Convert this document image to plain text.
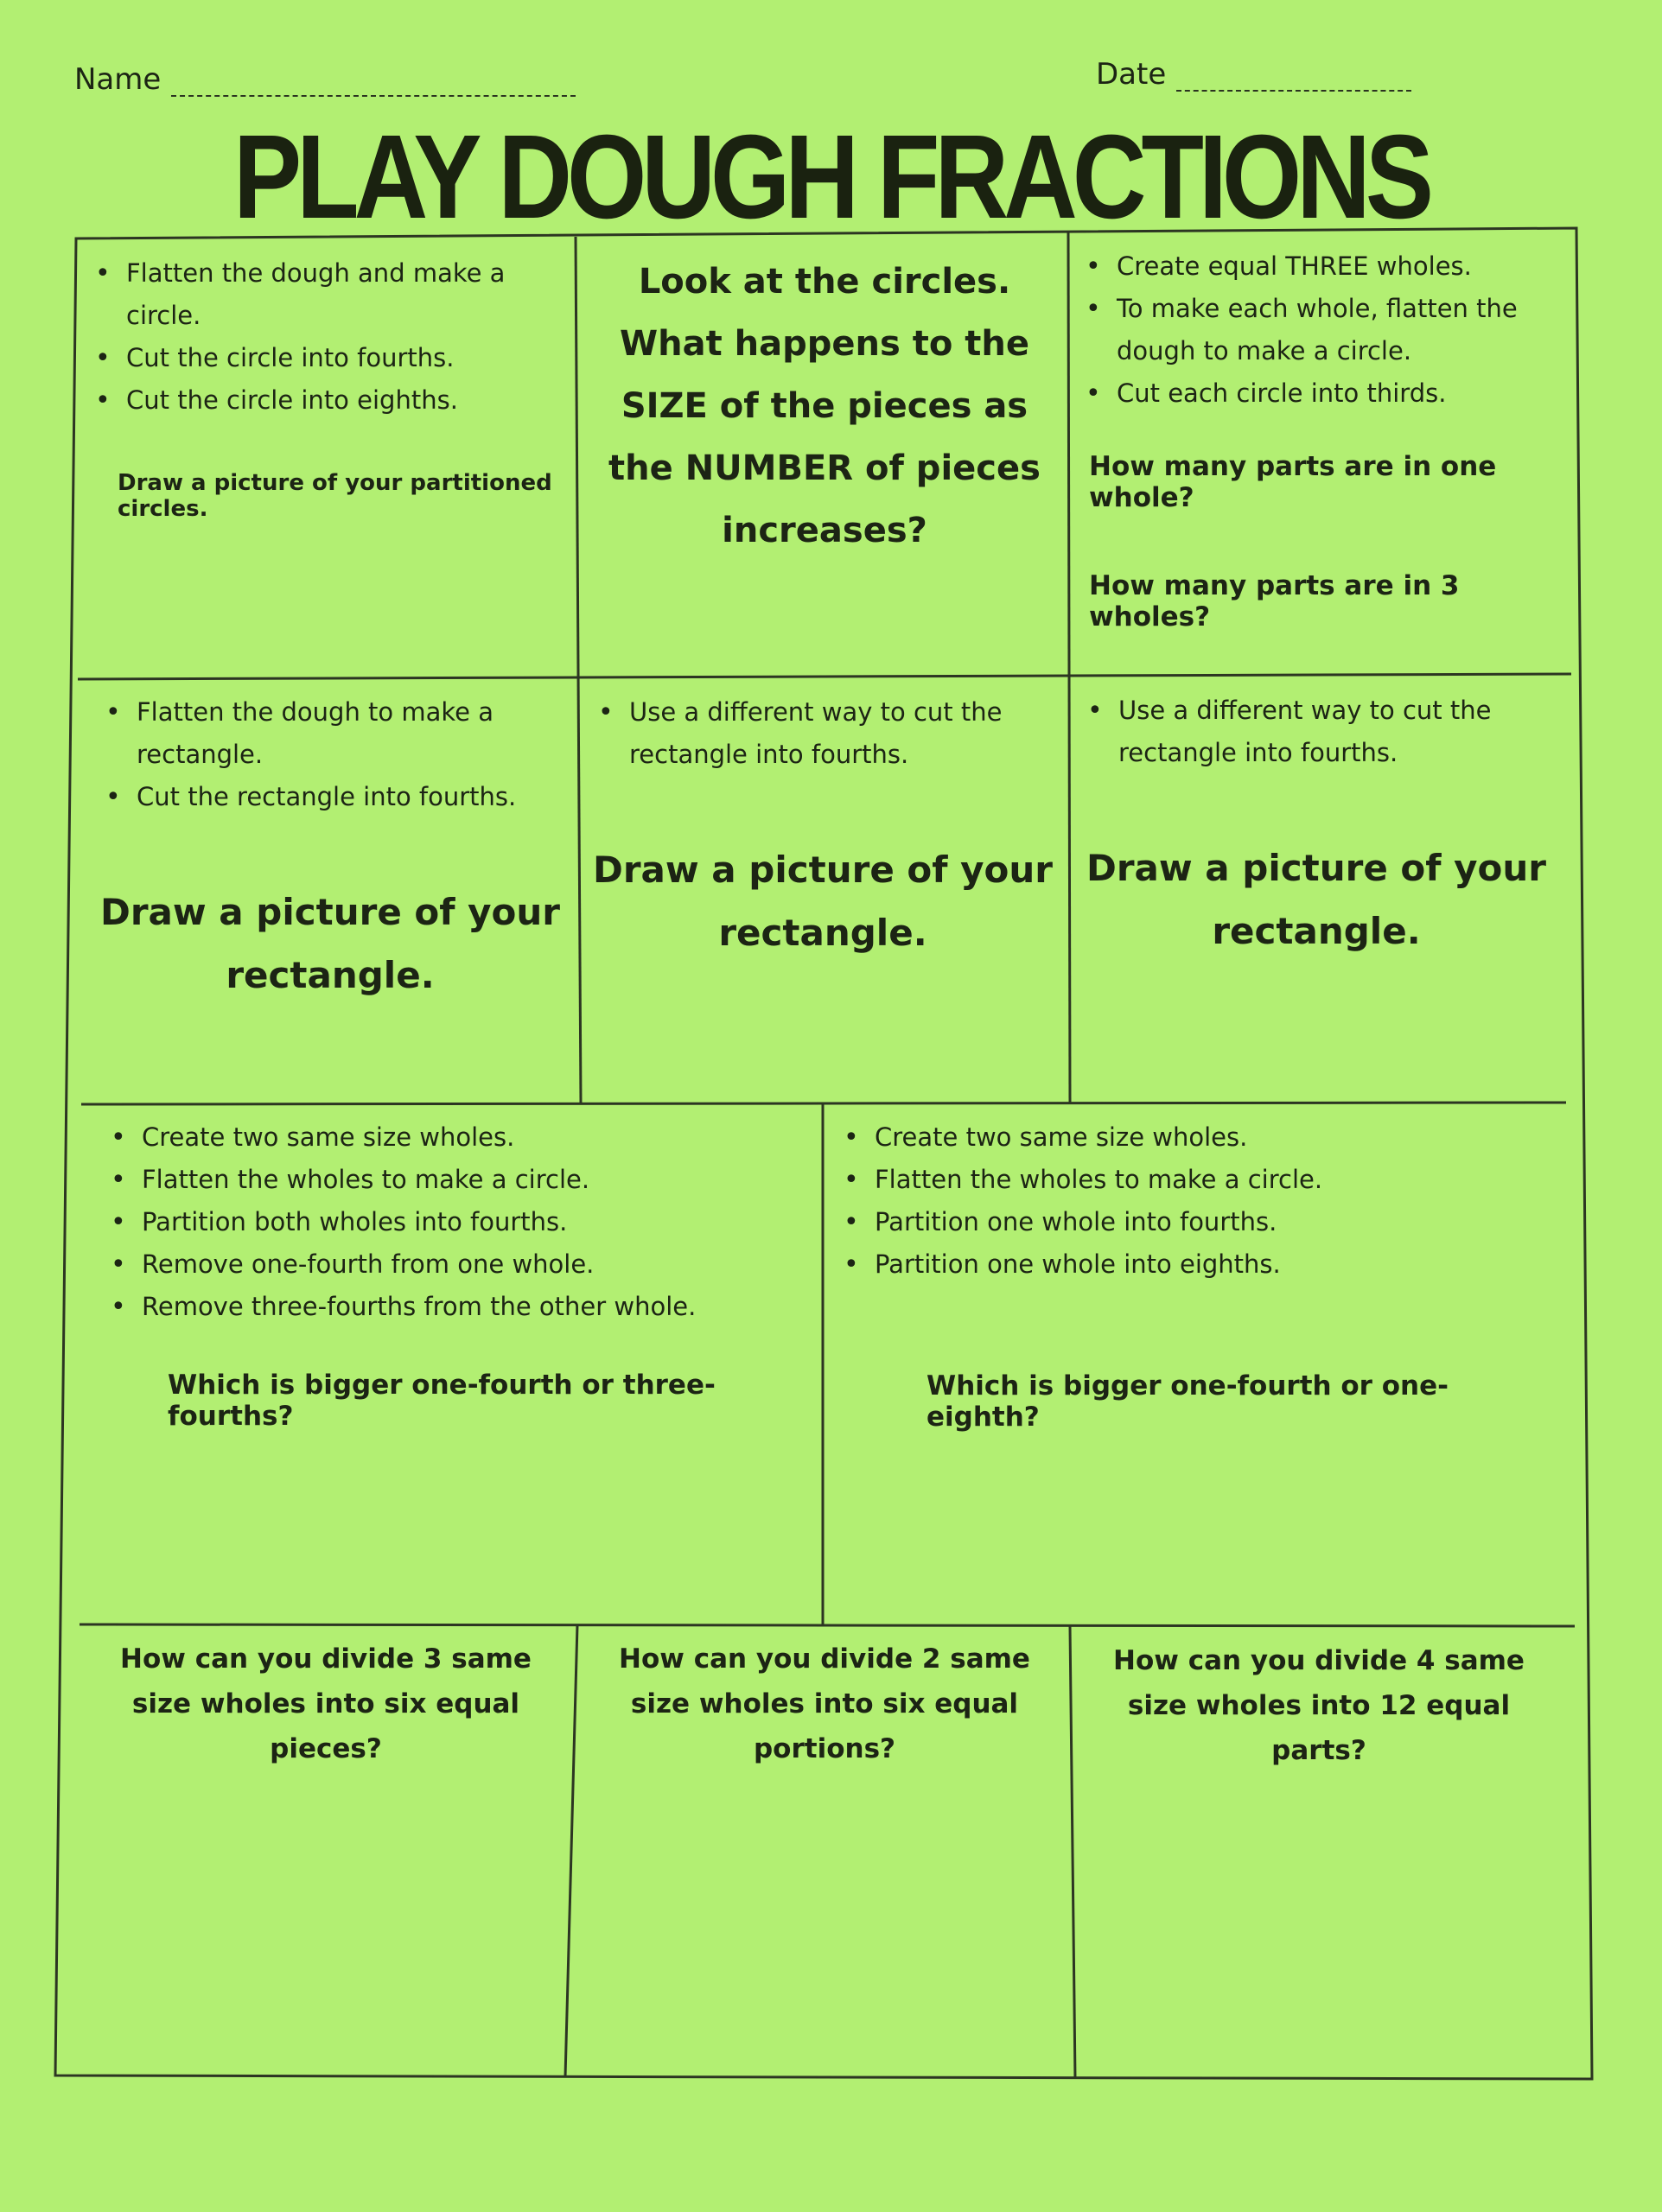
Name	Date
PLAY DOUGH FRACTIONS
• Flatten the dough and make a circle.
• Cut the circle into fourths.
• Cut the circle into eighths.
Draw a picture of your partitioned circles.
Look at the circles. What happens to the SIZE of the pieces as the NUMBER of pieces increases?
• Create equal THREE wholes.
• To make each whole, flatten the dough to make a circle.
• Cut each circle into thirds.
How many parts are in one whole?
How many parts are in 3 wholes?
• Flatten the dough to make a rectangle.
• Cut the rectangle into fourths.
Draw a picture of your rectangle.
• Use a different way to cut the rectangle into fourths.
Draw a picture of your rectangle.
• Use a different way to cut the rectangle into fourths.
Draw a picture of your rectangle.
• Create two same size wholes.
• Flatten the wholes to make a circle.
• Partition both wholes into fourths.
• Remove one-fourth from one whole.
• Remove three-fourths from the other whole.
Which is bigger one-fourth or three-fourths?
• Create two same size wholes.
• Flatten the wholes to make a circle.
• Partition one whole into fourths.
• Partition one whole into eighths.
Which is bigger one-fourth or one-eighth?
How can you divide 3 same size wholes into six equal pieces?
How can you divide 2 same size wholes into six equal portions?
How can you divide 4 same size wholes into 12 equal parts?
